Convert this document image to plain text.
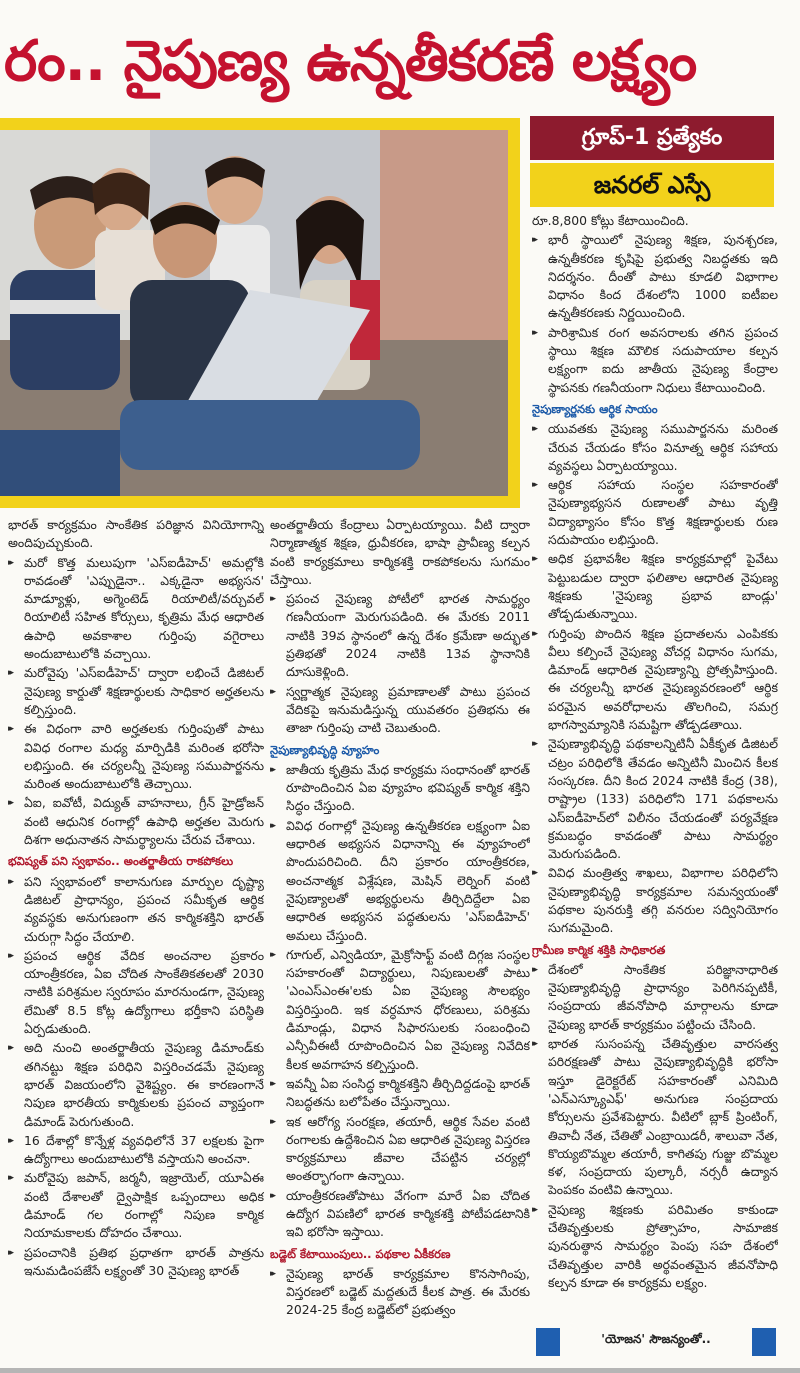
రం.. నైపుణ్య ఉన్నతీకరణే లక్ష్యం
గ్రూప్‌-1 ప్రత్యేకం
జనరల్‌ ఎస్సే

భారత్‌ కార్యక్రమం సాంకేతిక పరిజ్ఞాన వినియోగాన్ని అందిపుచ్చుకుంది.

▸▸ మరో కొత్త మలుపుగా 'ఎస్‌ఐడీహెచ్‌' అమల్లోకి రావడంతో 'ఎప్పుడైనా.. ఎక్కడైనా అభ్యసన' మాడ్యూళ్లు, అగ్మెంటెడ్‌ రియాలిటీ/వర్చువల్‌ రియాలిటీ సహిత కోర్సులు, కృత్రిమ మేధ ఆధారిత ఉపాధి అవకాశాల గుర్తింపు వగైరాలు అందుబాటులోకి వచ్చాయి.

▸▸ మరోవైపు 'ఎస్‌ఐడీహెచ్‌' ద్వారా లభించే డిజిటల్‌ నైపుణ్య కార్డుతో శిక్షణార్థులకు సాధికార అర్హతలను కల్పిస్తుంది.

▸▸ ఈ విధంగా వారి అర్హతలకు గుర్తింపుతో పాటు వివిధ రంగాల మధ్య మార్పిడికి మరింత భరోసా లభిస్తుంది. ఈ చర్యలన్నీ నైపుణ్య సముపార్జనను మరింత అందుబాటులోకి తెచ్చాయి.

▸▸ ఏఐ, ఐవోటీ, విద్యుత్‌ వాహనాలు, గ్రీన్‌ హైడ్రోజన్‌ వంటి ఆధునిక రంగాల్లో ఉపాధి అర్హతల మెరుగు దిశగా అధునాతన సామర్థ్యాలను చేరువ చేశాయి.

భవిష్యత్‌ పని స్వభావం.. అంతర్జాతీయ రాకపోకలు

▸▸ పని స్వభావంలో కాలానుగుణ మార్పుల దృష్ట్యా డిజిటల్‌ ప్రాధాన్యం, ప్రపంచ సమీకృత ఆర్థిక వ్యవస్థకు అనుగుణంగా తన కార్మికశక్తిని భారత్‌ చురుగ్గా సిద్ధం చేయాలి.

▸▸ ప్రపంచ ఆర్థిక వేదిక అంచనాల ప్రకారం యాంత్రీకరణ, ఏఐ చోదిత సాంకేతికతలతో 2030 నాటికి పరిశ్రమల స్వరూపం మారనుండగా, నైపుణ్య లేమితో 8.5 కోట్ల ఉద్యోగాలు భర్తీకాని పరిస్థితి ఏర్పడుతుంది.

▸▸ అది నుంచి అంతర్జాతీయ నైపుణ్య డిమాండ్‌కు తగినట్టు శిక్షణ పరిధిని విస్తరించడమే నైపుణ్య భారత్‌ విజయంలోని వైశిష్ట్యం. ఈ కారణంగానే నిపుణ భారతీయ కార్మికులకు ప్రపంచ వ్యాప్తంగా డిమాండ్‌ పెరుగుతుంది.

▸▸ 16 దేశాల్లో కొన్నేళ్ల వ్యవధిలోనే 37 లక్షలకు పైగా ఉద్యోగాలు అందుబాటులోకి వస్తాయని అంచనా.

▸▸ మరోవైపు జపాన్‌, జర్మనీ, ఇజ్రాయెల్‌, యూఏఈ వంటి దేశాలతో ద్వైపాక్షిక ఒప్పందాలు అధిక డిమాండ్‌ గల రంగాల్లో నిపుణ కార్మిక నియామకాలకు దోహదం చేశాయి.

▸▸ ప్రపంచానికి ప్రతిభ ప్రధాతగా భారత్‌ పాత్రను ఇనుమడింపజేసే లక్ష్యంతో 30 నైపుణ్య భారత్‌

అంతర్జాతీయ కేంద్రాలు ఏర్పాటయ్యాయి. వీటి ద్వారా నిర్మాణాత్మక శిక్షణ, ధ్రువీకరణ, భాషా ప్రావీణ్య కల్పన వంటి కార్యక్రమాలు కార్మికశక్తి రాకపోకలను సుగమం చేస్తాయి.

▸▸ ప్రపంచ నైపుణ్య పోటీలో భారత సామర్థ్యం గణనీయంగా మెరుగుపడింది. ఈ మేరకు 2011 నాటికి 39వ స్థానంలో ఉన్న దేశం క్రమేణా అద్భుత ప్రతిభతో 2024 నాటికి 13వ స్థానానికి దూసుకెళ్లింది.

▸▸ స్వర్ణాత్మక నైపుణ్య ప్రమాణాలతో పాటు ప్రపంచ వేదికపై ఇనుమడిస్తున్న యువతరం ప్రతిభను ఈ తాజా గుర్తింపు చాటి చెబుతుంది.

నైపుణ్యాభివృద్ధి వ్యూహం

▸▸ జాతీయ కృత్రిమ మేధ కార్యక్రమ సంధానంతో భారత్‌ రూపొందించిన ఏఐ వ్యూహం భవిష్యత్‌ కార్మిక శక్తిని సిద్ధం చేస్తుంది.

▸▸ వివిధ రంగాల్లో నైపుణ్య ఉన్నతీకరణ లక్ష్యంగా ఏఐ ఆధారిత అభ్యసన విధానాన్ని ఈ వ్యూహంలో పొందుపరిచింది. దీని ప్రకారం యాంత్రీకరణ, అంచనాత్మక విశ్లేషణ, మెషిన్‌ లెర్నింగ్‌ వంటి నైపుణ్యాలతో అభ్యర్థులను తీర్చిదిద్దేలా ఏఐ ఆధారిత అభ్యసన పద్ధతులను 'ఎస్‌ఐడీహెచ్‌' అమలు చేస్తుంది.

▸▸ గూగుల్‌, ఎన్విడియా, మైక్రోసాఫ్ట్‌ వంటి దిగ్గజ సంస్థల సహకారంతో విద్యార్థులు, నిపుణులతో పాటు 'ఎంఎస్‌ఎంఈ'లకు ఏఐ నైపుణ్య సౌలభ్యం విస్తరిస్తుంది. ఇక వర్ధమాన ధోరణులు, పరిశ్రమ డిమాండ్లు, విధాన సిఫారసులకు సంబంధించి ఎన్సీవీఈటీ రూపొందించిన ఏఐ నైపుణ్య నివేదిక కీలక అవగాహన కల్పిస్తుంది.

▸▸ ఇవన్నీ ఏఐ సంసిద్ధ కార్మికశక్తిని తీర్చిదిద్దడంపై భారత్‌ నిబద్ధతను బలోపేతం చేస్తున్నాయి.

▸▸ ఇక ఆరోగ్య సంరక్షణ, తయారీ, ఆర్థిక సేవల వంటి రంగాలకు ఉద్దేశించిన ఏఐ ఆధారిత నైపుణ్య విస్తరణ కార్యక్రమాలు జీవాల చేపట్టిన చర్యల్లో అంతర్భాగంగా ఉన్నాయి.

▸▸ యాంత్రీకరణతోపాటు వేగంగా మారే ఏఐ చోదిత ఉద్యోగ విపణిలో భారత కార్మికశక్తి పోటీపడటానికి ఇవి భరోసా ఇస్తాయి.

బడ్జెట్‌ కేటాయింపులు.. పథకాల ఏకీకరణ

▸▸ నైపుణ్య భారత్‌ కార్యక్రమాల కొనసాగింపు, విస్తరణలో బడ్జెట్‌ మద్దతుదే కీలక పాత్ర. ఈ మేరకు 2024-25 కేంద్ర బడ్జెట్‌లో ప్రభుత్వం

రూ.8,800 కోట్లు కేటాయించింది.

▸▸ భారీ స్థాయిలో నైపుణ్య శిక్షణ, పునశ్చరణ, ఉన్నతీకరణ కృషిపై ప్రభుత్వ నిబద్ధతకు ఇది నిదర్శనం. దీంతో పాటు కూడలి విభాగాల విధానం కింద దేశంలోని 1000 ఐటీఐల ఉన్నతీకరణకు నిర్ణయించింది.

▸▸ పారిశ్రామిక రంగ అవసరాలకు తగిన ప్రపంచ స్థాయి శిక్షణ మౌలిక సదుపాయాల కల్పన లక్ష్యంగా ఐదు జాతీయ నైపుణ్య కేంద్రాల స్థాపనకు గణనీయంగా నిధులు కేటాయించింది.

నైపుణ్యార్జనకు ఆర్థిక సాయం

▸▸ యువతకు నైపుణ్య సముపార్జనను మరింత చేరువ చేయడం కోసం వినూత్న ఆర్థిక సహాయ వ్యవస్థలు ఏర్పాటయ్యాయి.

▸▸ ఆర్థిక సహాయ సంస్థల సహకారంతో నైపుణ్యాభ్యసన రుణాలతో పాటు వృత్తి విద్యాభ్యాసం కోసం కొత్త శిక్షణార్థులకు రుణ సదుపాయం లభిస్తుంది.

▸▸ అధిక ప్రభావశీల శిక్షణ కార్యక్రమాల్లో పైవేటు పెట్టుబడుల ద్వారా ఫలితాల ఆధారిత నైపుణ్య శిక్షణకు 'నైపుణ్య ప్రభావ బాండ్లు' తోడ్పడుతున్నాయి.

▸▸ గుర్తింపు పొందిన శిక్షణ ప్రదాతలను ఎంపికకు వీలు కల్పించే నైపుణ్య వోచర్ల విధానం సుగమ, డిమాండ్‌ ఆధారిత నైపుణ్యాన్ని ప్రోత్సహిస్తుంది. ఈ చర్యలన్నీ భారత నైపుణ్యవరణంలో ఆర్థిక పరమైన అవరోధాలను తొలగించి, సమగ్ర భాగస్వామ్యానికి సమష్టిగా తోడ్పడతాయి.

▸▸ నైపుణ్యాభివృద్ధి పథకాలన్నిటినీ ఏకీకృత డిజిటల్‌ చట్రం పరిధిలోకి తేవడం అన్నిటినీ మించిన కీలక సంస్కరణ. దీని కింద 2024 నాటికి కేంద్ర (38), రాష్ట్రాల (133) పరిధిలోని 171 పథకాలను ఎస్‌ఐడీహెచ్‌లో విలీనం చేయడంతో పర్యవేక్షణ క్రమబద్ధం కావడంతో పాటు సామర్థ్యం మెరుగుపడింది.

▸▸ వివిధ మంత్రిత్వ శాఖలు, విభాగాల పరిధిలోని నైపుణ్యాభివృద్ధి కార్యక్రమాల సమన్వయంతో పథకాల పునరుక్తి తగ్గి వనరుల సద్వినియోగం సుగమమైంది.

గ్రామీణ కార్మిక శక్తికి సాధికారత

▸▸ దేశంలో సాంకేతిక పరిజ్ఞానాధారిత నైపుణ్యాభివృద్ధి ప్రాధాన్యం పెరిగినప్పటికీ, సంప్రదాయ జీవనోపాధి మార్గాలను కూడా నైపుణ్య భారత్‌ కార్యక్రమం పట్టించు చేసింది.

▸▸ భారత సుసంపన్న చేతివృత్తుల వారసత్వ పరిరక్షణతో పాటు నైపుణ్యాభివృద్ధికి భరోసా ఇస్తూ డైరెక్టరేట్‌ సహకారంతో ఎనిమిది 'ఎన్‌ఎస్క్యూఎఫ్‌' అనుగుణ సంప్రదాయ కోర్సులను ప్రవేశపెట్టారు. వీటిలో బ్లాక్‌ ప్రింటింగ్‌, తివాచీ నేత, చేతితో ఎంబ్రాయిడరీ, శాలువా నేత, కొయ్యబొమ్మల తయారీ, కాగితపు గుజ్జు బొమ్మల కళ, సంప్రదాయ పుల్కారీ, నర్సరీ ఉద్యాన పెంపకం వంటివి ఉన్నాయి.

▸▸ నైపుణ్య శిక్షణకు పరిమితం కాకుండా చేతివృత్తులకు ప్రోత్సాహం, సామాజిక పునరుత్థాన సామర్థ్యం పెంపు సహ దేశంలో చేతివృత్తుల వారికి అర్థవంతమైన జీవనోపాధి కల్పన కూడా ఈ కార్యక్రమ లక్ష్యం.

'యోజన' సౌజన్యంతో..
